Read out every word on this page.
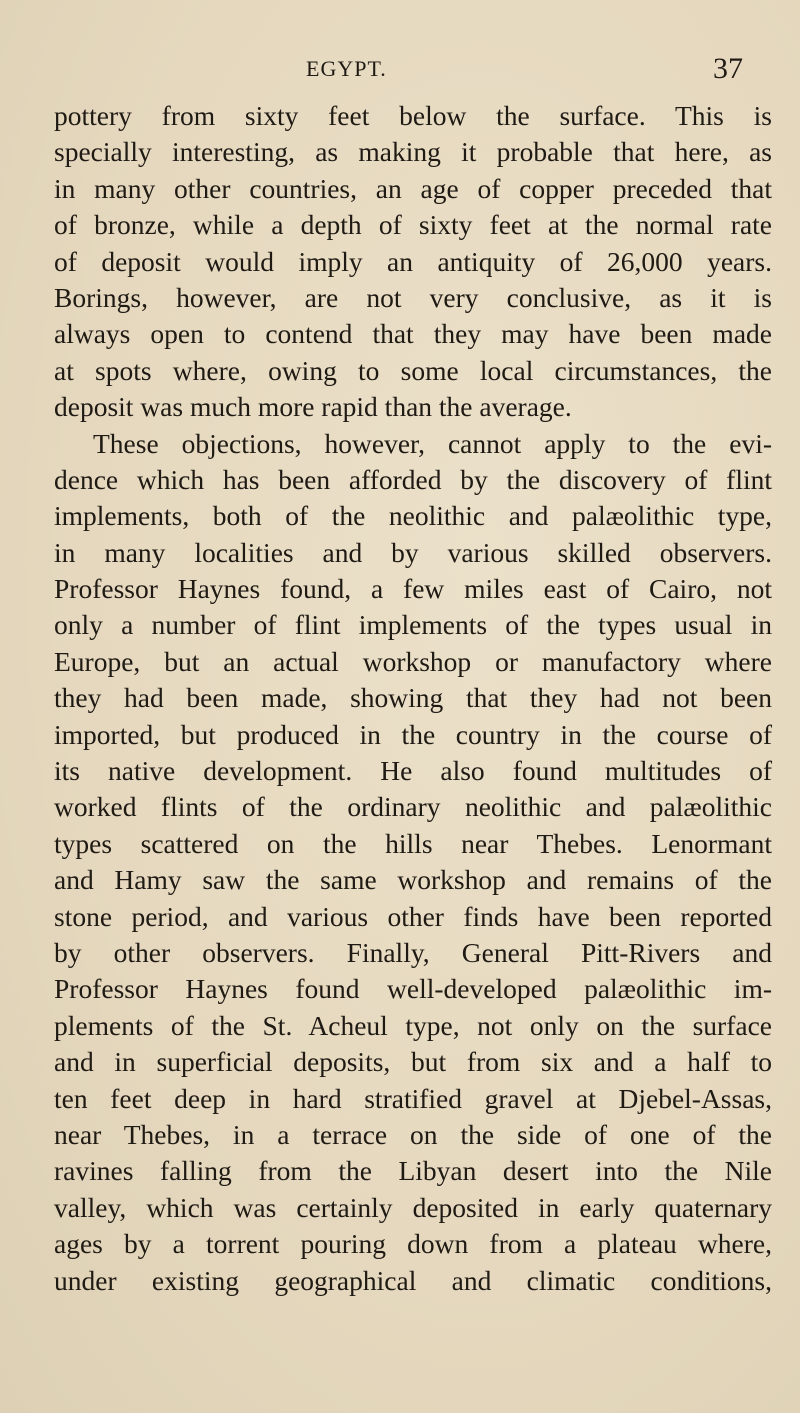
EGYPT.	37
pottery from sixty feet below the surface. This is
specially interesting, as making it probable that here, as
in many other countries, an age of copper preceded that
of bronze, while a depth of sixty feet at the normal rate
of deposit would imply an antiquity of 26,000 years.
Borings, however, are not very conclusive, as it is
always open to contend that they may have been made
at spots where, owing to some local circumstances, the
deposit was much more rapid than the average.
These objections, however, cannot apply to the evi-
dence which has been afforded by the discovery of flint
implements, both of the neolithic and palæolithic type,
in many localities and by various skilled observers.
Professor Haynes found, a few miles east of Cairo, not
only a number of flint implements of the types usual in
Europe, but an actual workshop or manufactory where
they had been made, showing that they had not been
imported, but produced in the country in the course of
its native development. He also found multitudes of
worked flints of the ordinary neolithic and palæolithic
types scattered on the hills near Thebes. Lenormant
and Hamy saw the same workshop and remains of the
stone period, and various other finds have been reported
by other observers. Finally, General Pitt-Rivers and
Professor Haynes found well-developed palæolithic im-
plements of the St. Acheul type, not only on the surface
and in superficial deposits, but from six and a half to
ten feet deep in hard stratified gravel at Djebel-Assas,
near Thebes, in a terrace on the side of one of the
ravines falling from the Libyan desert into the Nile
valley, which was certainly deposited in early quaternary
ages by a torrent pouring down from a plateau where,
under existing geographical and climatic conditions,
